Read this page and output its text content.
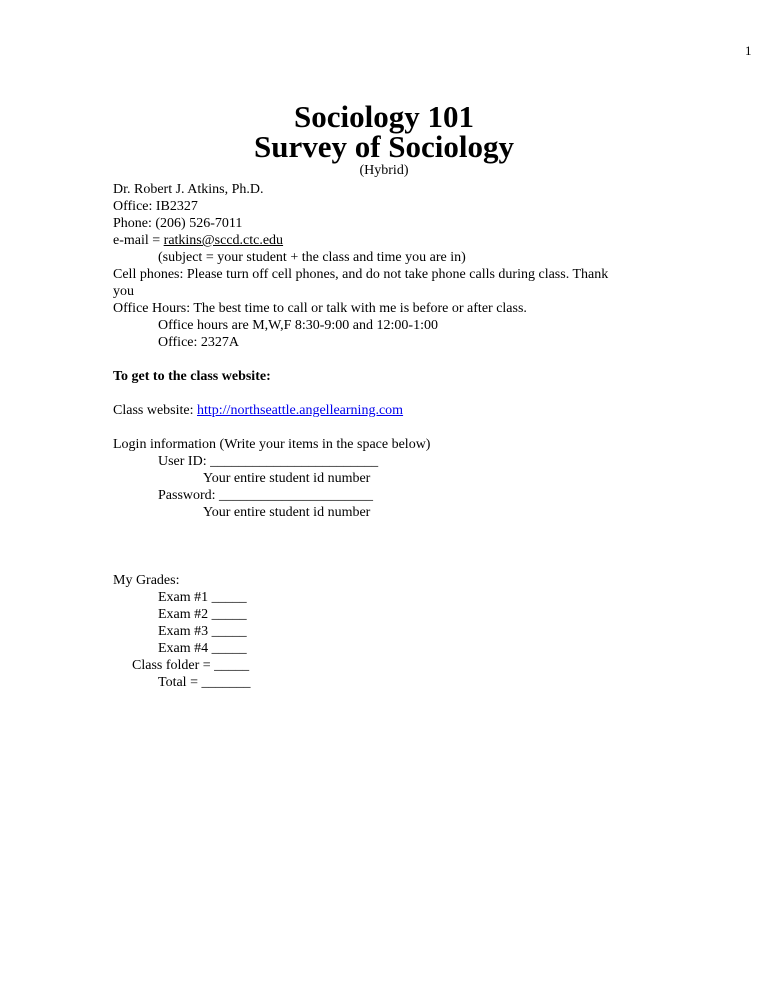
1
Sociology 101
Survey of Sociology
(Hybrid)
Dr. Robert J. Atkins, Ph.D.
Office: IB2327
Phone: (206) 526-7011
e-mail = ratkins@sccd.ctc.edu
(subject = your student + the class and time you are in)
Cell phones: Please turn off cell phones, and do not take phone calls during class. Thank
you
Office Hours: The best time to call or talk with me is before or after class.
Office hours are M,W,F 8:30-9:00 and 12:00-1:00
Office: 2327A
To get to the class website:
Class website: http://northseattle.angellearning.com
Login information (Write your items in the space below)
User ID: ________________________
Your entire student id number
Password: ______________________
Your entire student id number
My Grades:
Exam #1 _____
Exam #2 _____
Exam #3 _____
Exam #4 _____
Class folder = _____
Total = _______
